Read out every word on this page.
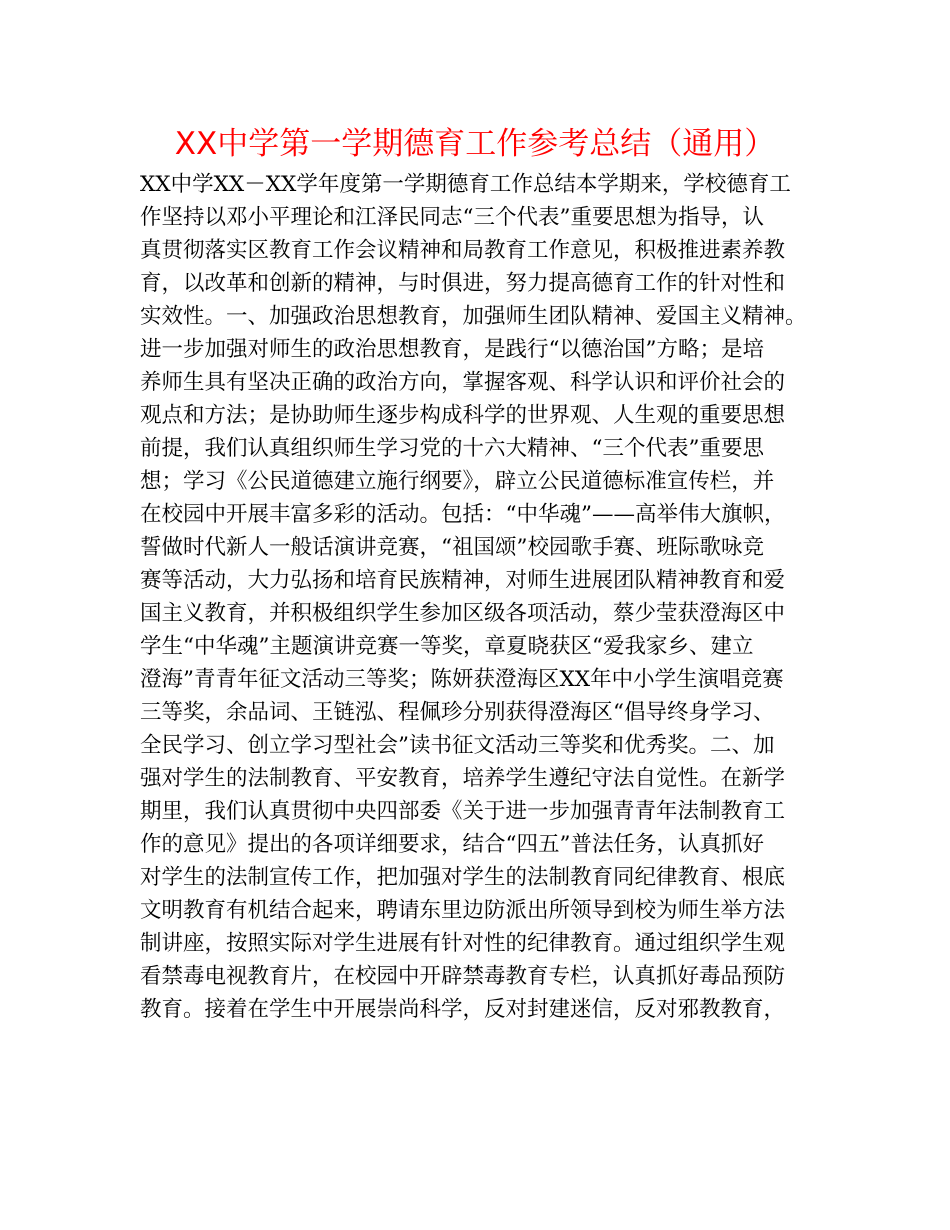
XX中学第一学期德育工作参考总结（通用）
XX中学XX－XX学年度第一学期德育工作总结本学期来，学校德育工
作坚持以邓小平理论和江泽民同志“三个代表”重要思想为指导，认
真贯彻落实区教育工作会议精神和局教育工作意见，积极推进素养教
育，以改革和创新的精神，与时俱进，努力提高德育工作的针对性和
实效性。一、加强政治思想教育，加强师生团队精神、爱国主义精神。
进一步加强对师生的政治思想教育，是践行“以德治国”方略；是培
养师生具有坚决正确的政治方向，掌握客观、科学认识和评价社会的
观点和方法；是协助师生逐步构成科学的世界观、人生观的重要思想
前提，我们认真组织师生学习党的十六大精神、“三个代表”重要思
想；学习《公民道德建立施行纲要》，辟立公民道德标准宣传栏，并
在校园中开展丰富多彩的活动。包括：“中华魂”——高举伟大旗帜，
誓做时代新人一般话演讲竞赛，“祖国颂”校园歌手赛、班际歌咏竞
赛等活动，大力弘扬和培育民族精神，对师生进展团队精神教育和爱
国主义教育，并积极组织学生参加区级各项活动，蔡少莹获澄海区中
学生“中华魂”主题演讲竞赛一等奖，章夏晓获区“爱我家乡、建立
澄海”青青年征文活动三等奖；陈妍获澄海区XX年中小学生演唱竞赛
三等奖，余品词、王链泓、程佩珍分别获得澄海区“倡导终身学习、
全民学习、创立学习型社会”读书征文活动三等奖和优秀奖。二、加
强对学生的法制教育、平安教育，培养学生遵纪守法自觉性。在新学
期里，我们认真贯彻中央四部委《关于进一步加强青青年法制教育工
作的意见》提出的各项详细要求，结合“四五”普法任务，认真抓好
对学生的法制宣传工作，把加强对学生的法制教育同纪律教育、根底
文明教育有机结合起来，聘请东里边防派出所领导到校为师生举方法
制讲座，按照实际对学生进展有针对性的纪律教育。通过组织学生观
看禁毒电视教育片，在校园中开辟禁毒教育专栏，认真抓好毒品预防
教育。接着在学生中开展崇尚科学，反对封建迷信，反对邪教教育，
